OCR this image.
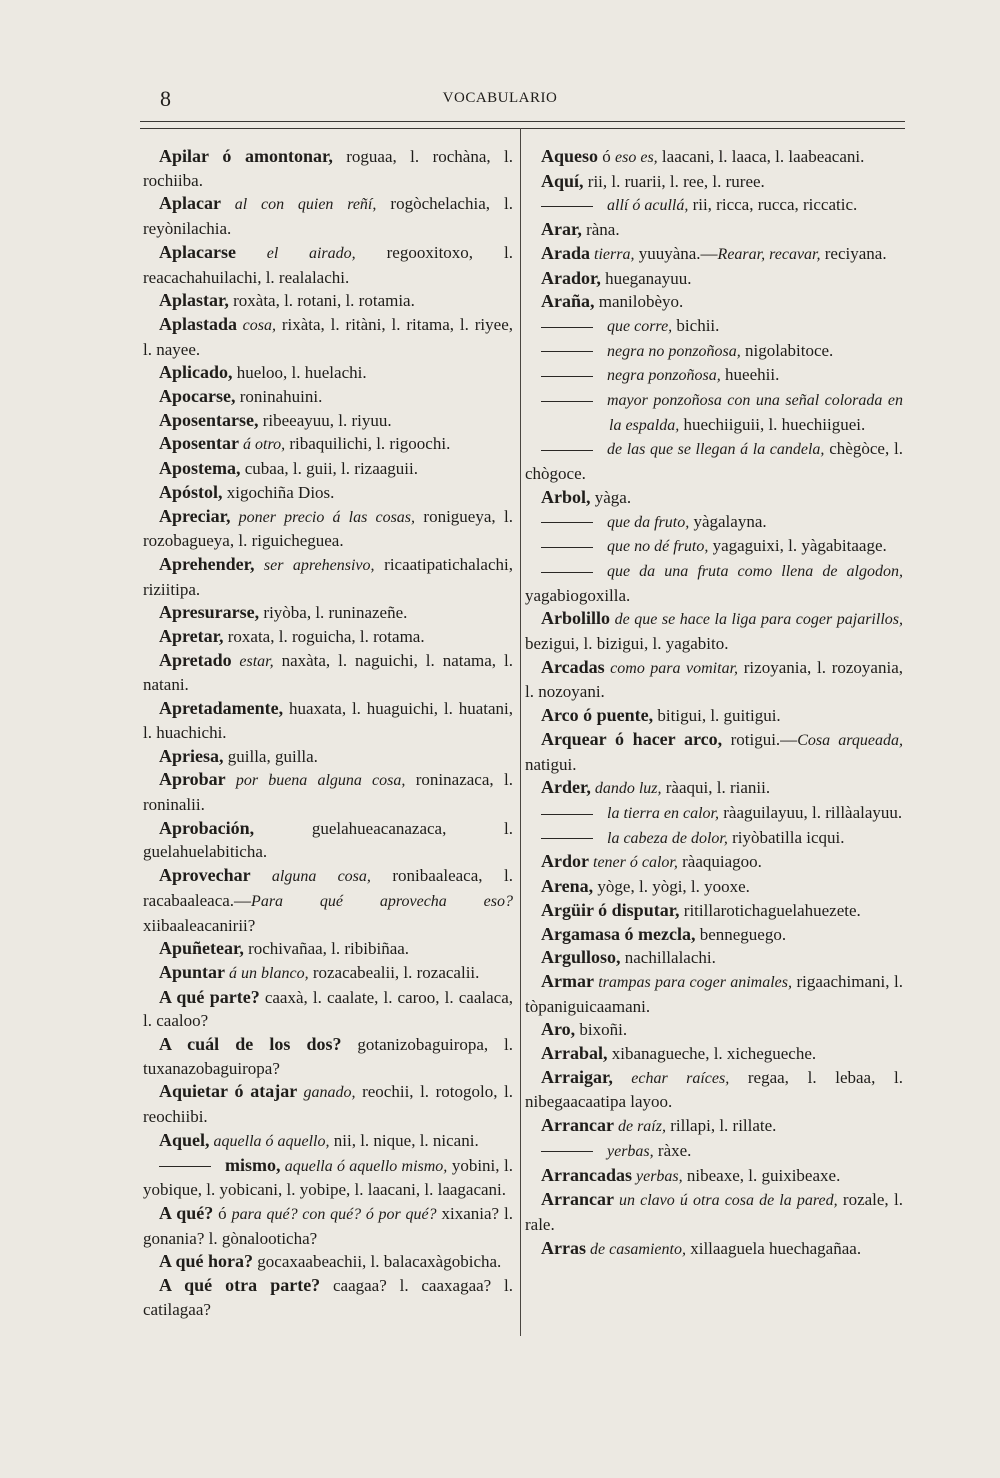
8	VOCABULARIO

Apilar ó amontonar, roguaa, l. rochàna, l. rochiiba.

Aplacar al con quien reñí, rogòchelachia, l. reyònilachia.

Aplacarse el airado, regooxitoxo, l. reacachahuilachi, l. realalachi.

Aplastar, roxàta, l. rotani, l. rotamia.

Aplastada cosa, rixàta, l. ritàni, l. ritama, l. riyee, l. nayee.

Aplicado, hueloo, l. huelachi.

Apocarse, roninahuini.

Aposentarse, ribeeayuu, l. riyuu.

Aposentar á otro, ribaquilichi, l. rigoochi.

Apostema, cubaa, l. guii, l. rizaaguii.

Apóstol, xigochiña Dios.

Apreciar, poner precio á las cosas, ronigueya, l. rozobagueya, l. riguicheguea.

Aprehender, ser aprehensivo, ricaatipatichalachi, riziitipa.

Apresurarse, riyòba, l. runinazeñe.

Apretar, roxata, l. roguicha, l. rotama.

Apretado estar, naxàta, l. naguichi, l. natama, l. natani.

Apretadamente, huaxata, l. huaguichi, l. huatani, l. huachichi.

Apriesa, guilla, guilla.

Aprobar por buena alguna cosa, roninazaca, l. roninalii.

Aprobación, guelahueacanazaca, l. guelahuelabiticha.

Aprovechar alguna cosa, ronibaaleaca, l. racabaaleaca.—Para qué aprovecha eso? xiibaaleacanirii?

Apuñetear, rochivañaa, l. ribibiñaa.

Apuntar á un blanco, rozacabealii, l. rozacalii.

A qué parte? caaxà, l. caalate, l. caroo, l. caalaca, l. caaloo?

A cuál de los dos? gotanizobaguiropa, l. tuxanazobaguiropa?

Aquietar ó atajar ganado, reochii, l. rotogolo, l. reochiibi.

Aquel, aquella ó aquello, nii, l. nique, l. nicani.

mismo, aquella ó aquello mismo, yobini, l. yobique, l. yobicani, l. yobipe, l. laacani, l. laagacani.

A qué? ó para qué? con qué? ó por qué? xixania? l. gonania? l. gònalooticha?

A qué hora? gocaxaabeachii, l. balacaxàgobicha.

A qué otra parte? caagaa? l. caaxagaa? l. catilagaa?

Aqueso ó eso es, laacani, l. laaca, l. laabeacani.

Aquí, rii, l. ruarii, l. ree, l. ruree.

allí ó acullá, rii, ricca, rucca, riccatic.

Arar, ràna.

Arada tierra, yuuyàna.—Rearar, recavar, reciyana.

Arador, hueganayuu.

Araña, manilobèyo.

que corre, bichii.

negra no ponzoñosa, nigolabitoce.

negra ponzoñosa, hueehii.

mayor ponzoñosa con una señal colorada en la espalda, huechiiguii, l. huechiiguei.

de las que se llegan á la candela, chègòce, l. chògoce.

Arbol, yàga.

que da fruto, yàgalayna.

que no dé fruto, yagaguixi, l. yàgabitaage.

que da una fruta como llena de algodon, yagabiogoxilla.

Arbolillo de que se hace la liga para coger pajarillos, bezigui, l. bizigui, l. yagabito.

Arcadas como para vomitar, rizoyania, l. rozoyania, l. nozoyani.

Arco ó puente, bitigui, l. guitigui.

Arquear ó hacer arco, rotigui.—Cosa arqueada, natigui.

Arder, dando luz, ràaqui, l. rianii.

la tierra en calor, ràaguilayuu, l. rillàalayuu.

la cabeza de dolor, riyòbatilla icqui.

Ardor tener ó calor, ràaquiagoo.

Arena, yòge, l. yògi, l. yooxe.

Argüir ó disputar, ritillarotichaguelahuezete.

Argamasa ó mezcla, benneguego.

Argulloso, nachillalachi.

Armar trampas para coger animales, rigaachimani, l. tòpaniguicaamani.

Aro, bixoñi.

Arrabal, xibanagueche, l. xichegueche.

Arraigar, echar raíces, regaa, l. lebaa, l. nibegaacaatipa layoo.

Arrancar de raíz, rillapi, l. rillate.

yerbas, ràxe.

Arrancadas yerbas, nibeaxe, l. guixibeaxe.

Arrancar un clavo ú otra cosa de la pared, rozale, l. rale.

Arras de casamiento, xillaaguela huechagañaa.
